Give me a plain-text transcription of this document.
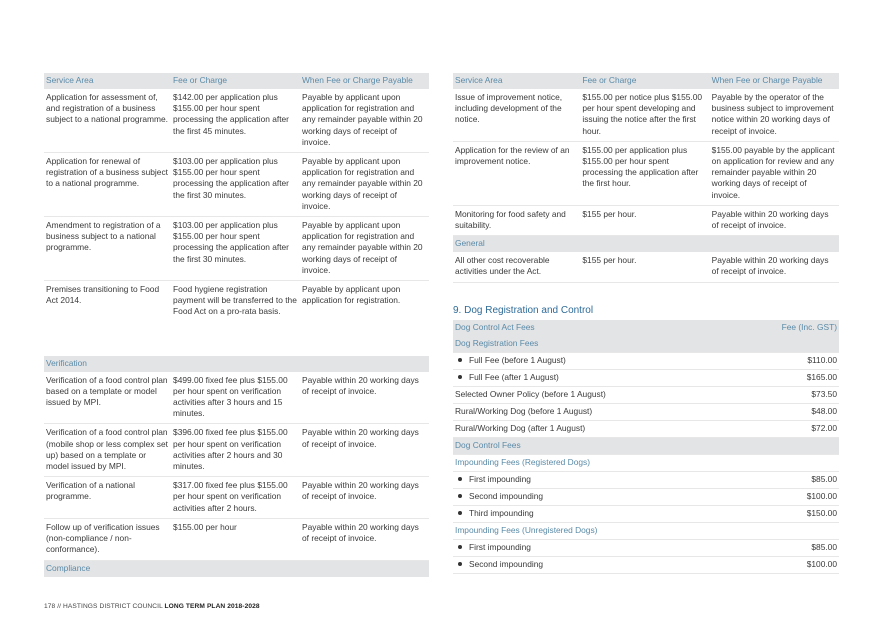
Service Area	Fee or Charge	When Fee or Charge Payable
Application for assessment of, and registration of a business subject to a national programme.	$142.00 per application plus $155.00 per hour spent processing the application after the first 45 minutes.	Payable by applicant upon application for registration and any remainder payable within 20 working days of receipt of invoice.
Application for renewal of registration of a business subject to a national programme.	$103.00 per application plus $155.00 per hour spent processing the application after the first 30 minutes.	Payable by applicant upon application for registration and any remainder payable within 20 working days of receipt of invoice.
Amendment to registration of a business subject to a national programme.	$103.00 per application plus $155.00 per hour spent processing the application after the first 30 minutes.	Payable by applicant upon application for registration and any remainder payable within 20 working days of receipt of invoice.
Premises transitioning to Food Act 2014.	Food hygiene registration payment will be transferred to the Food Act on a pro-rata basis.	Payable by applicant upon application for registration.

Verification		
Verification of a food control plan based on a template or model issued by MPI.	$499.00 fixed fee plus $155.00 per hour spent on verification activities after 3 hours and 15 minutes.	Payable within 20 working days of receipt of invoice.
Verification of a food control plan (mobile shop or less complex set up) based on a template or model issued by MPI.	$396.00 fixed fee plus $155.00 per hour spent on verification activities after 2 hours and 30 minutes.	Payable within 20 working days of receipt of invoice.
Verification of a national programme.	$317.00 fixed fee plus $155.00 per hour spent on verification activities after 2 hours.	Payable within 20 working days of receipt of invoice.
Follow up of verification issues (non-compliance / non-conformance).	$155.00 per hour	Payable within 20 working days of receipt of invoice.
Compliance		
Service Area	Fee or Charge	When Fee or Charge Payable
Issue of improvement notice, including development of the notice.	$155.00 per notice plus $155.00 per hour spent developing and issuing the notice after the first hour.	Payable by the operator of the business subject to improvement notice within 20 working days of receipt of invoice.
Application for the review of an improvement notice.	$155.00 per application plus $155.00 per hour spent processing the application after the first hour.	$155.00 payable by the applicant on application for review and any remainder payable within 20 working days of receipt of invoice.
Monitoring for food safety and suitability.	$155 per hour.	Payable within 20 working days of receipt of invoice.
General		
All other cost recoverable activities under the Act.	$155 per hour.	Payable within 20 working days of receipt of invoice.
9. Dog Registration and Control
Dog Control Act Fees	Fee (Inc. GST)
Dog Registration Fees	
Full Fee (before 1 August)	$110.00
Full Fee (after 1 August)	$165.00
Selected Owner Policy (before 1 August)	$73.50
Rural/Working Dog (before 1 August)	$48.00
Rural/Working Dog (after 1 August)	$72.00
Dog Control Fees	
Impounding Fees (Registered Dogs)	
First impounding	$85.00
Second impounding	$100.00
Third impounding	$150.00
Impounding Fees (Unregistered Dogs)	
First impounding	$85.00
Second impounding	$100.00
178 // HASTINGS DISTRICT COUNCIL LONG TERM PLAN 2018-2028
